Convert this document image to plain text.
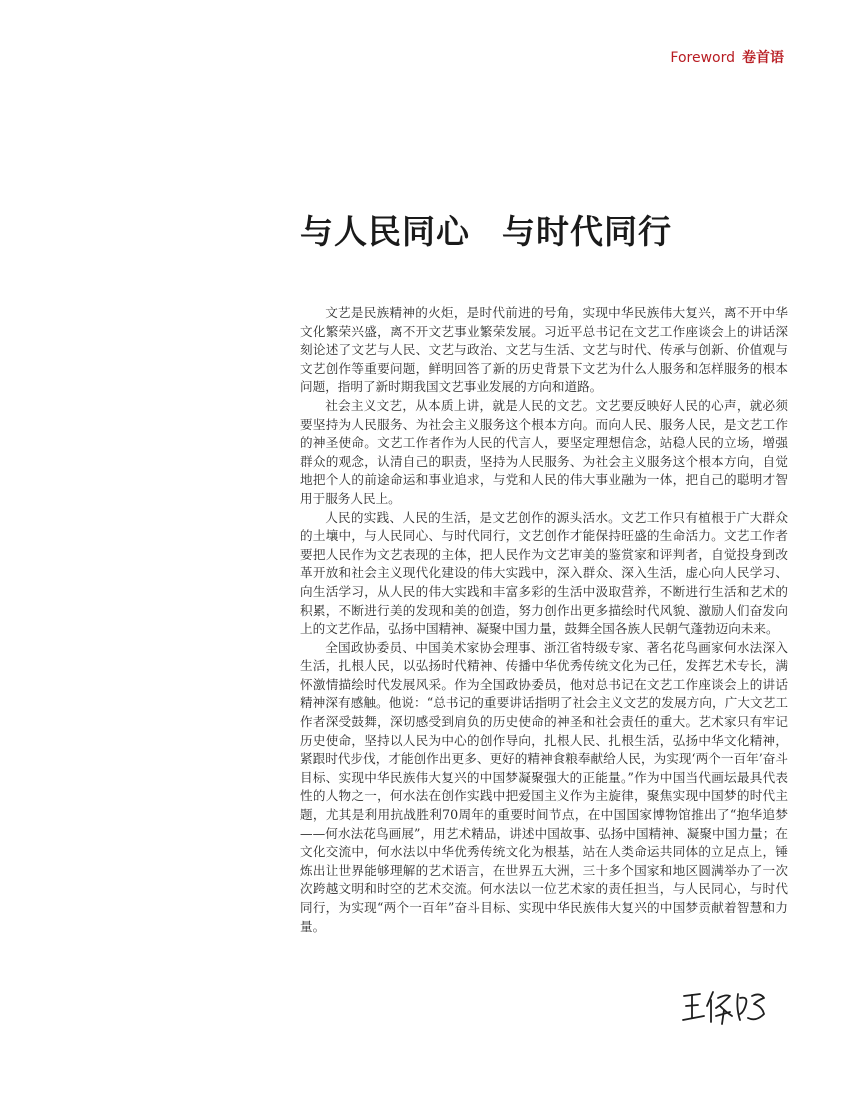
Foreword 卷首语
与人民同心 与时代同行

文艺是民族精神的火炬，是时代前进的号角，实现中华民族伟大复兴，离不开中华文化繁荣兴盛，离不开文艺事业繁荣发展。习近平总书记在文艺工作座谈会上的讲话深刻论述了文艺与人民、文艺与政治、文艺与生活、文艺与时代、传承与创新、价值观与文艺创作等重要问题，鲜明回答了新的历史背景下文艺为什么人服务和怎样服务的根本问题，指明了新时期我国文艺事业发展的方向和道路。

社会主义文艺，从本质上讲，就是人民的文艺。文艺要反映好人民的心声，就必须要坚持为人民服务、为社会主义服务这个根本方向。而向人民、服务人民，是文艺工作的神圣使命。文艺工作者作为人民的代言人，要坚定理想信念，站稳人民的立场，增强群众的观念，认清自己的职责，坚持为人民服务、为社会主义服务这个根本方向，自觉地把个人的前途命运和事业追求，与党和人民的伟大事业融为一体，把自己的聪明才智用于服务人民上。

人民的实践、人民的生活，是文艺创作的源头活水。文艺工作只有植根于广大群众的土壤中，与人民同心、与时代同行，文艺创作才能保持旺盛的生命活力。文艺工作者要把人民作为文艺表现的主体，把人民作为文艺审美的鉴赏家和评判者，自觉投身到改革开放和社会主义现代化建设的伟大实践中，深入群众、深入生活，虚心向人民学习、向生活学习，从人民的伟大实践和丰富多彩的生活中汲取营养，不断进行生活和艺术的积累，不断进行美的发现和美的创造，努力创作出更多描绘时代风貌、激励人们奋发向上的文艺作品，弘扬中国精神、凝聚中国力量，鼓舞全国各族人民朝气蓬勃迈向未来。

全国政协委员、中国美术家协会理事、浙江省特级专家、著名花鸟画家何水法深入生活，扎根人民，以弘扬时代精神、传播中华优秀传统文化为己任，发挥艺术专长，满怀激情描绘时代发展风采。作为全国政协委员，他对总书记在文艺工作座谈会上的讲话精神深有感触。他说：“总书记的重要讲话指明了社会主义文艺的发展方向，广大文艺工作者深受鼓舞，深切感受到肩负的历史使命的神圣和社会责任的重大。艺术家只有牢记历史使命，坚持以人民为中心的创作导向，扎根人民、扎根生活，弘扬中华文化精神，紧跟时代步伐，才能创作出更多、更好的精神食粮奉献给人民，为实现‘两个一百年’奋斗目标、实现中华民族伟大复兴的中国梦凝聚强大的正能量。”作为中国当代画坛最具代表性的人物之一，何水法在创作实践中把爱国主义作为主旋律，聚焦实现中国梦的时代主题，尤其是利用抗战胜利70周年的重要时间节点，在中国国家博物馆推出了“抱华追梦——何水法花鸟画展”，用艺术精品，讲述中国故事、弘扬中国精神、凝聚中国力量；在文化交流中，何水法以中华优秀传统文化为根基，站在人类命运共同体的立足点上，锤炼出让世界能够理解的艺术语言，在世界五大洲，三十多个国家和地区圆满举办了一次次跨越文明和时空的艺术交流。何水法以一位艺术家的责任担当，与人民同心，与时代同行，为实现“两个一百年”奋斗目标、实现中华民族伟大复兴的中国梦贡献着智慧和力量。
